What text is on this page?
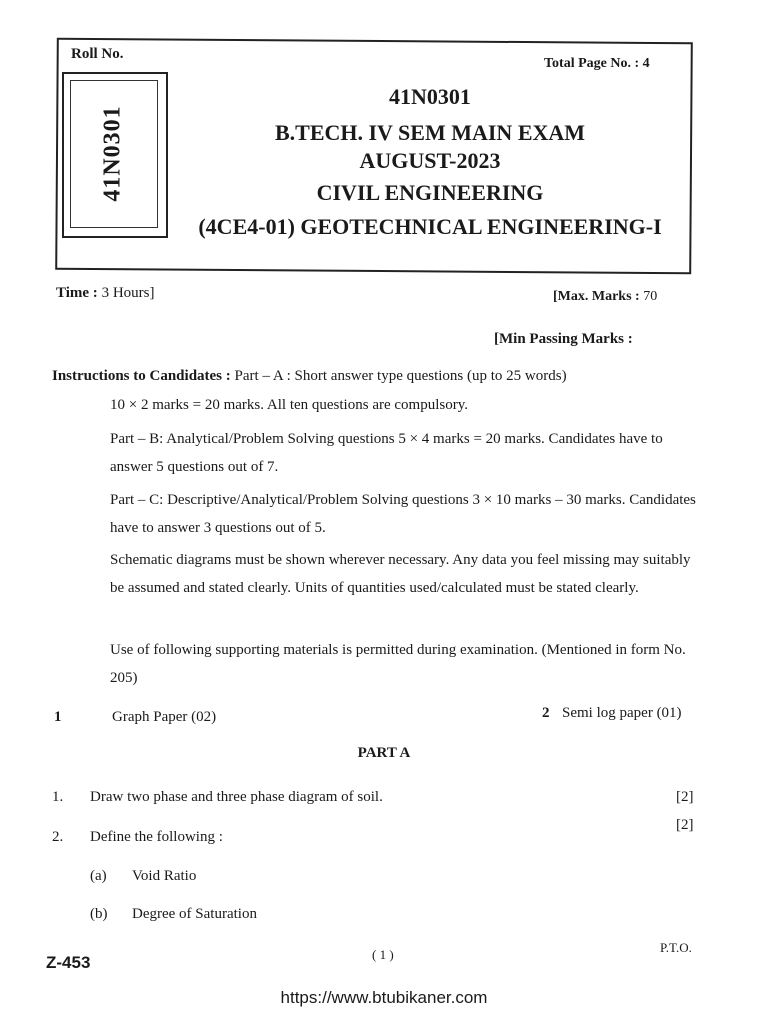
Roll No.
41N0301
Total Page No. : 4
41N0301
B.TECH. IV SEM MAIN EXAM
AUGUST-2023
CIVIL ENGINEERING
(4CE4-01) GEOTECHNICAL ENGINEERING-I
Time : 3 Hours]	[Max. Marks : 70
[Min Passing Marks :
Instructions to Candidates : Part – A : Short answer type questions (up to 25 words)
10 × 2 marks = 20 marks. All ten questions are compulsory.
Part – B: Analytical/Problem Solving questions 5 × 4 marks = 20 marks. Candidates have to answer 5 questions out of 7.
Part – C: Descriptive/Analytical/Problem Solving questions 3 × 10 marks – 30 marks. Candidates have to answer 3 questions out of 5.
Schematic diagrams must be shown wherever necessary. Any data you feel missing may suitably be assumed and stated clearly. Units of quantities used/calculated must be stated clearly.
Use of following supporting materials is permitted during examination. (Mentioned in form No. 205)
1	Graph Paper (02)	2 Semi log paper (01)
PART A
1. Draw two phase and three phase diagram of soil.	[2]
2. Define the following :
[2]
(a) Void Ratio
(b) Degree of Saturation
P.T.O.
( 1 )
Z-453
https://www.btubikaner.com
